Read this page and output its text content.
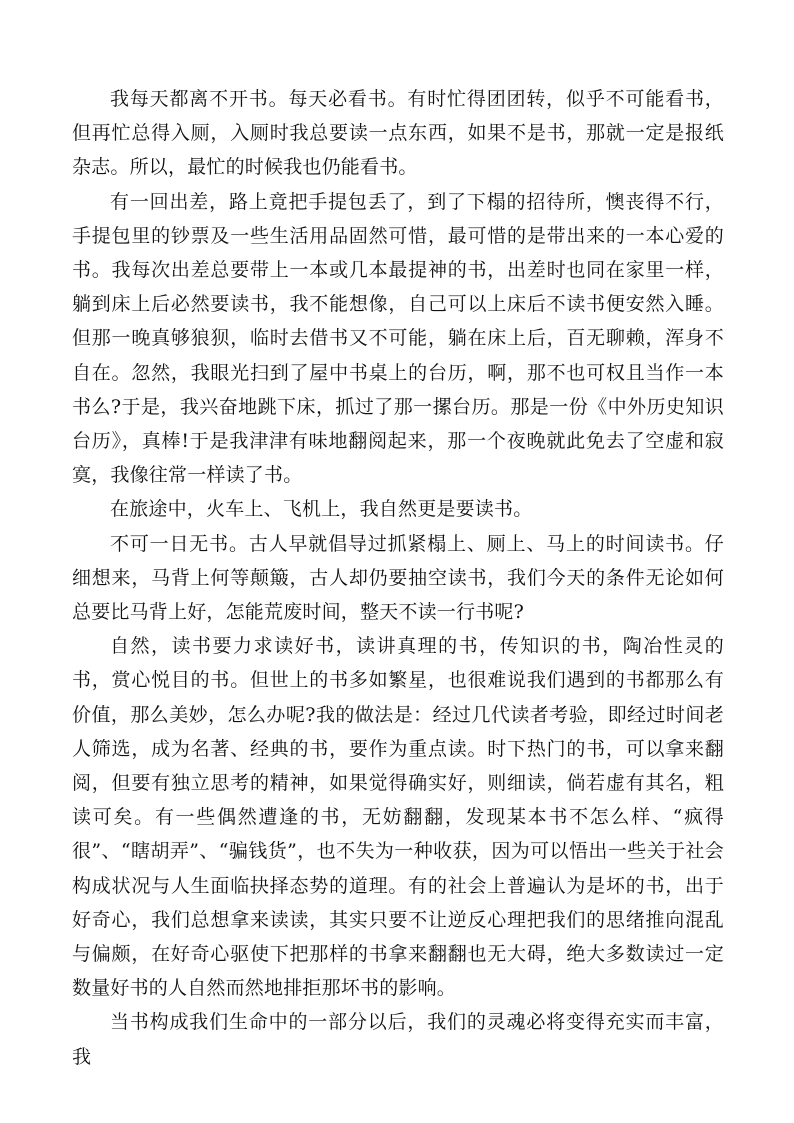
我每天都离不开书。每天必看书。有时忙得团团转，似乎不可能看书，但再忙总得入厕，入厕时我总要读一点东西，如果不是书，那就一定是报纸杂志。所以，最忙的时候我也仍能看书。

有一回出差，路上竟把手提包丢了，到了下榻的招待所，懊丧得不行，手提包里的钞票及一些生活用品固然可惜，最可惜的是带出来的一本心爱的书。我每次出差总要带上一本或几本最提神的书，出差时也同在家里一样，躺到床上后必然要读书，我不能想像，自己可以上床后不读书便安然入睡。但那一晚真够狼狈，临时去借书又不可能，躺在床上后，百无聊赖，浑身不自在。忽然，我眼光扫到了屋中书桌上的台历，啊，那不也可权且当作一本书么?于是，我兴奋地跳下床，抓过了那一摞台历。那是一份《中外历史知识台历》，真棒!于是我津津有味地翻阅起来，那一个夜晚就此免去了空虚和寂寞，我像往常一样读了书。

在旅途中，火车上、飞机上，我自然更是要读书。

不可一日无书。古人早就倡导过抓紧榻上、厕上、马上的时间读书。仔细想来，马背上何等颠簸，古人却仍要抽空读书，我们今天的条件无论如何总要比马背上好，怎能荒废时间，整天不读一行书呢?

自然，读书要力求读好书，读讲真理的书，传知识的书，陶冶性灵的书，赏心悦目的书。但世上的书多如繁星，也很难说我们遇到的书都那么有价值，那么美妙，怎么办呢?我的做法是：经过几代读者考验，即经过时间老人筛选，成为名著、经典的书，要作为重点读。时下热门的书，可以拿来翻阅，但要有独立思考的精神，如果觉得确实好，则细读，倘若虚有其名，粗读可矣。有一些偶然遭逢的书，无妨翻翻，发现某本书不怎么样、“疯得很”、“瞎胡弄”、“骗钱货”，也不失为一种收获，因为可以悟出一些关于社会构成状况与人生面临抉择态势的道理。有的社会上普遍认为是坏的书，出于好奇心，我们总想拿来读读，其实只要不让逆反心理把我们的思绪推向混乱与偏颇，在好奇心驱使下把那样的书拿来翻翻也无大碍，绝大多数读过一定数量好书的人自然而然地排拒那坏书的影响。

当书构成我们生命中的一部分以后，我们的灵魂必将变得充实而丰富，我
